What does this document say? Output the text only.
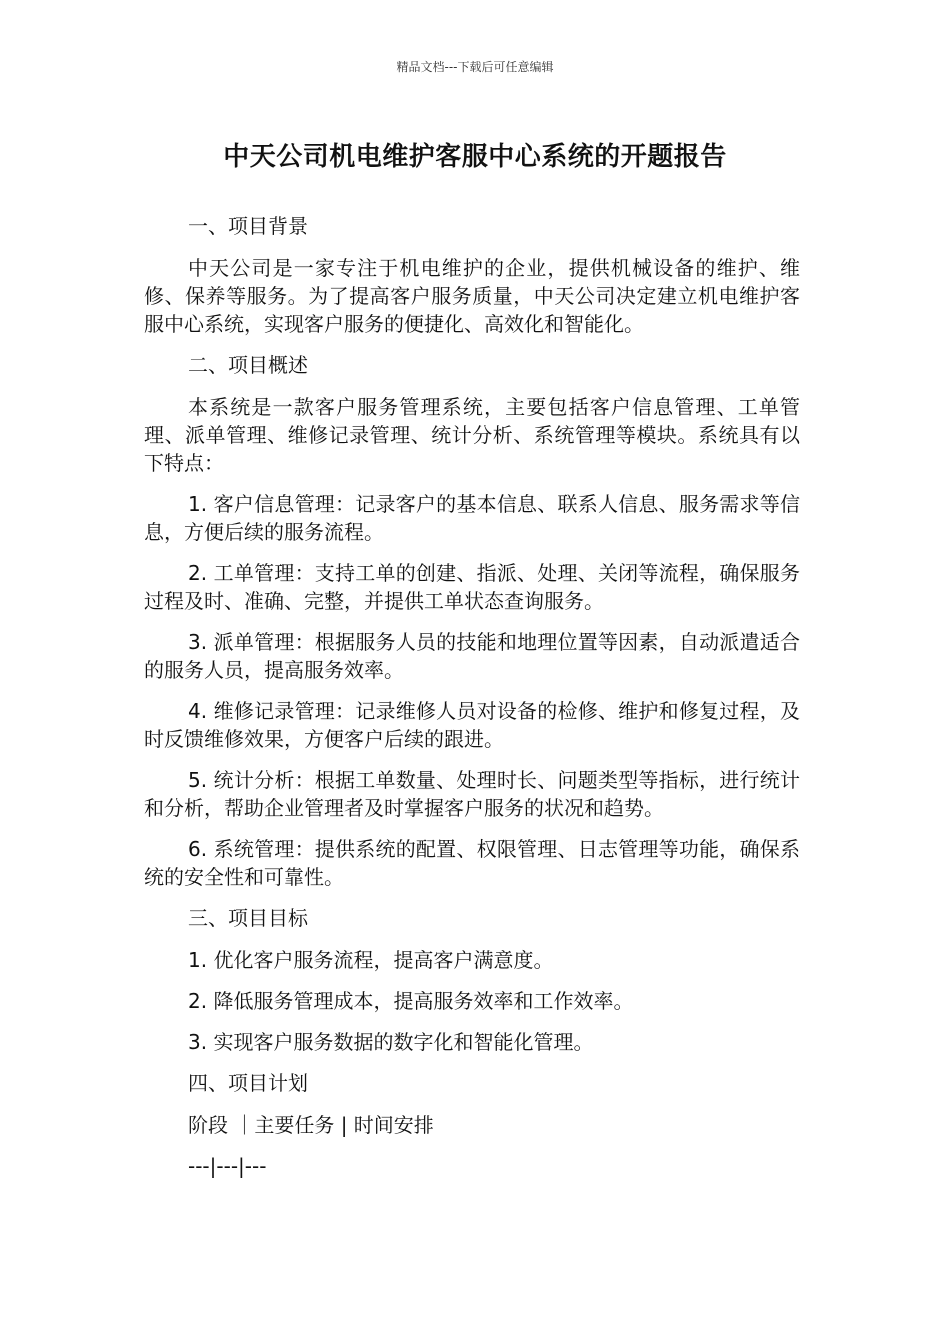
精品文档---下载后可任意编辑
中天公司机电维护客服中心系统的开题报告

一、项目背景

中天公司是一家专注于机电维护的企业，提供机械设备的维护、维修、保养等服务。为了提高客户服务质量，中天公司决定建立机电维护客服中心系统，实现客户服务的便捷化、高效化和智能化。

二、项目概述

本系统是一款客户服务管理系统，主要包括客户信息管理、工单管理、派单管理、维修记录管理、统计分析、系统管理等模块。系统具有以下特点：

1. 客户信息管理：记录客户的基本信息、联系人信息、服务需求等信息，方便后续的服务流程。

2. 工单管理：支持工单的创建、指派、处理、关闭等流程，确保服务过程及时、准确、完整，并提供工单状态查询服务。

3. 派单管理：根据服务人员的技能和地理位置等因素，自动派遣适合的服务人员，提高服务效率。

4. 维修记录管理：记录维修人员对设备的检修、维护和修复过程，及时反馈维修效果，方便客户后续的跟进。

5. 统计分析：根据工单数量、处理时长、问题类型等指标，进行统计和分析，帮助企业管理者及时掌握客户服务的状况和趋势。

6. 系统管理：提供系统的配置、权限管理、日志管理等功能，确保系统的安全性和可靠性。

三、项目目标

1. 优化客户服务流程，提高客户满意度。

2. 降低服务管理成本，提高服务效率和工作效率。

3. 实现客户服务数据的数字化和智能化管理。

四、项目计划

阶段 ｜主要任务 | 时间安排

---|---|---
